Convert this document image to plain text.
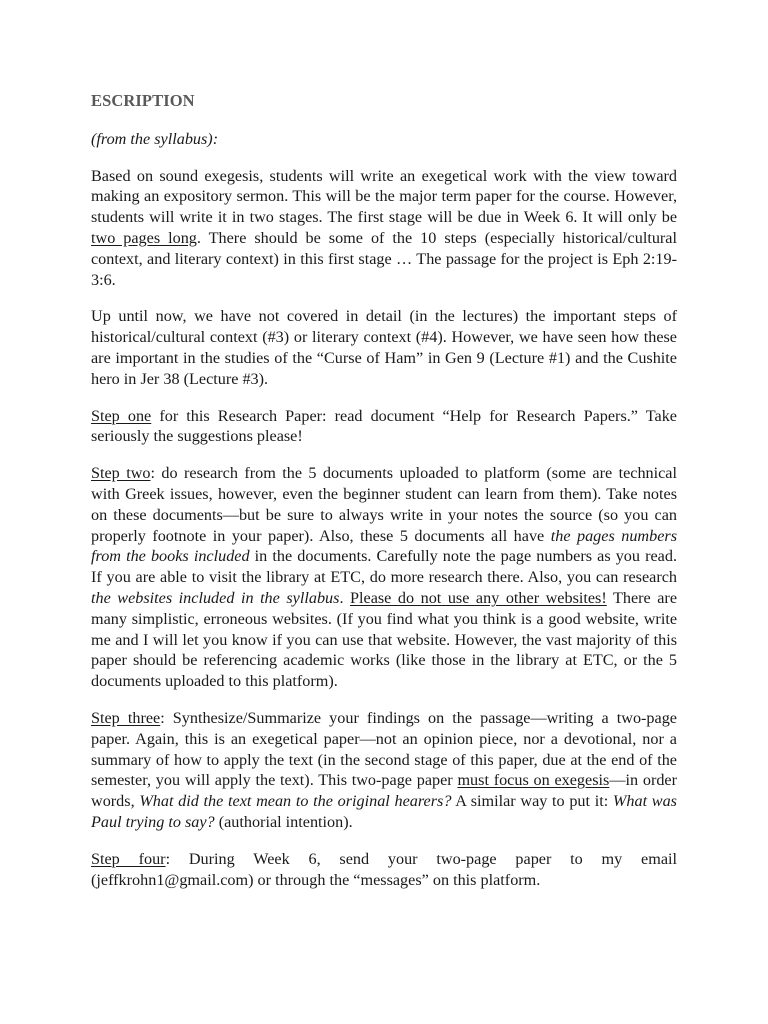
ESCRIPTION
(from the syllabus):

Based on sound exegesis, students will write an exegetical work with the view toward making an expository sermon. This will be the major term paper for the course. However, students will write it in two stages. The first stage will be due in Week 6. It will only be two pages long. There should be some of the 10 steps (especially historical/cultural context, and literary context) in this first stage … The passage for the project is Eph 2:19-3:6.

Up until now, we have not covered in detail (in the lectures) the important steps of historical/cultural context (#3) or literary context (#4). However, we have seen how these are important in the studies of the “Curse of Ham” in Gen 9 (Lecture #1) and the Cushite hero in Jer 38 (Lecture #3).

Step one for this Research Paper: read document “Help for Research Papers.” Take seriously the suggestions please!

Step two: do research from the 5 documents uploaded to platform (some are technical with Greek issues, however, even the beginner student can learn from them). Take notes on these documents—but be sure to always write in your notes the source (so you can properly footnote in your paper). Also, these 5 documents all have the pages numbers from the books included in the documents. Carefully note the page numbers as you read. If you are able to visit the library at ETC, do more research there. Also, you can research the websites included in the syllabus. Please do not use any other websites! There are many simplistic, erroneous websites. (If you find what you think is a good website, write me and I will let you know if you can use that website. However, the vast majority of this paper should be referencing academic works (like those in the library at ETC, or the 5 documents uploaded to this platform).

Step three: Synthesize/Summarize your findings on the passage—writing a two-page paper. Again, this is an exegetical paper—not an opinion piece, nor a devotional, nor a summary of how to apply the text (in the second stage of this paper, due at the end of the semester, you will apply the text). This two-page paper must focus on exegesis—in order words, What did the text mean to the original hearers? A similar way to put it: What was Paul trying to say? (authorial intention).

Step four: During Week 6, send your two-page paper to my email (jeffkrohn1@gmail.com) or through the “messages” on this platform.
